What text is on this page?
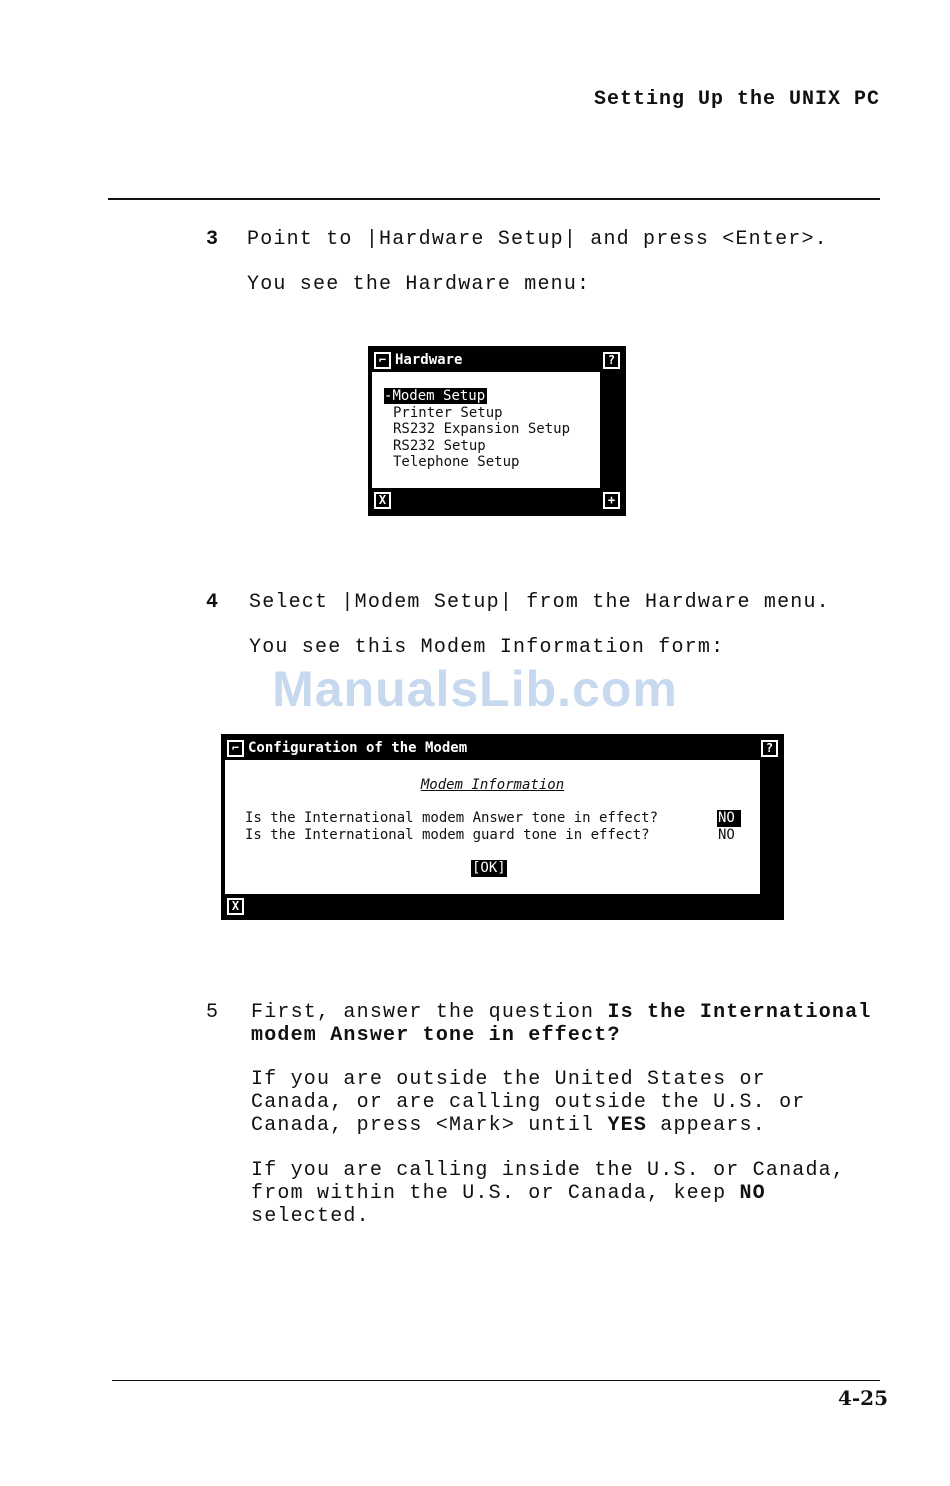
Setting Up the UNIX PC
3 Point to |Hardware Setup| and press <Enter>.
You see the Hardware menu:
⌐ Hardware	?
-Modem Setup
Printer Setup
RS232 Expansion Setup
RS232 Setup
Telephone Setup
X	+
4 Select |Modem Setup| from the Hardware menu.
You see this Modem Information form:
ManualsLib.com
⌐ Configuration of the Modem	?
Modem Information
Is the International modem Answer tone in effect?	NO
Is the International modem guard tone in effect?	NO
[OK]
X
5 First, answer the question Is the International modem Answer tone in effect?
If you are outside the United States or Canada, or are calling outside the U.S. or Canada, press <Mark> until YES appears.
If you are calling inside the U.S. or Canada, from within the U.S. or Canada, keep NO selected.
4-25
